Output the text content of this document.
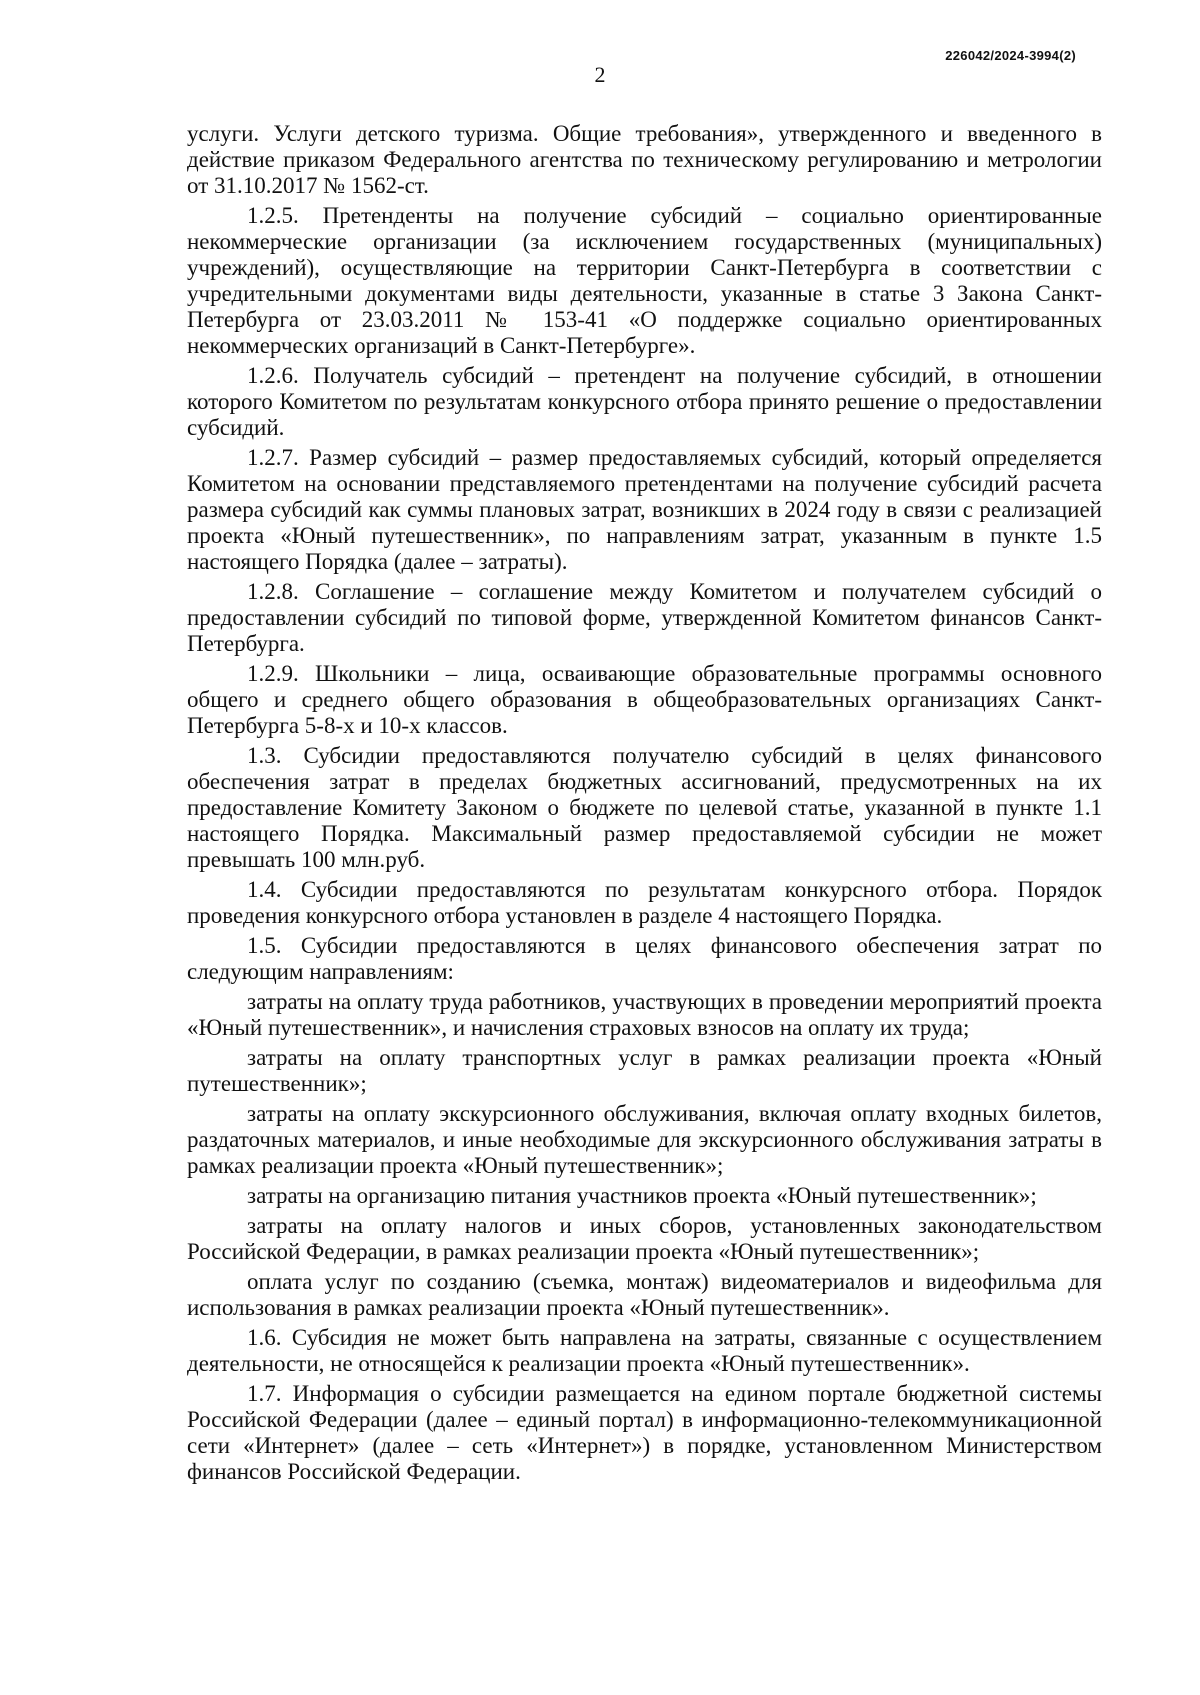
226042/2024-3994(2)
2

услуги. Услуги детского туризма. Общие требования», утвержденного и введенного в действие приказом Федерального агентства по техническому регулированию и метрологии от 31.10.2017 № 1562-ст.

1.2.5. Претенденты на получение субсидий – социально ориентированные некоммерческие организации (за исключением государственных (муниципальных) учреждений), осуществляющие на территории Санкт-Петербурга в соответствии с учредительными документами виды деятельности, указанные в статье 3 Закона Санкт-Петербурга от 23.03.2011 № 153-41 «О поддержке социально ориентированных некоммерческих организаций в Санкт-Петербурге».

1.2.6. Получатель субсидий – претендент на получение субсидий, в отношении которого Комитетом по результатам конкурсного отбора принято решение о предоставлении субсидий.

1.2.7. Размер субсидий – размер предоставляемых субсидий, который определяется Комитетом на основании представляемого претендентами на получение субсидий расчета размера субсидий как суммы плановых затрат, возникших в 2024 году в связи с реализацией проекта «Юный путешественник», по направлениям затрат, указанным в пункте 1.5 настоящего Порядка (далее – затраты).

1.2.8. Соглашение – соглашение между Комитетом и получателем субсидий о предоставлении субсидий по типовой форме, утвержденной Комитетом финансов Санкт-Петербурга.

1.2.9. Школьники – лица, осваивающие образовательные программы основного общего и среднего общего образования в общеобразовательных организациях Санкт-Петербурга 5-8-х и 10-х классов.

1.3. Субсидии предоставляются получателю субсидий в целях финансового обеспечения затрат в пределах бюджетных ассигнований, предусмотренных на их предоставление Комитету Законом о бюджете по целевой статье, указанной в пункте 1.1 настоящего Порядка. Максимальный размер предоставляемой субсидии не может превышать 100 млн.руб.

1.4. Субсидии предоставляются по результатам конкурсного отбора. Порядок проведения конкурсного отбора установлен в разделе 4 настоящего Порядка.

1.5. Субсидии предоставляются в целях финансового обеспечения затрат по следующим направлениям:

затраты на оплату труда работников, участвующих в проведении мероприятий проекта «Юный путешественник», и начисления страховых взносов на оплату их труда;

затраты на оплату транспортных услуг в рамках реализации проекта «Юный путешественник»;

затраты на оплату экскурсионного обслуживания, включая оплату входных билетов, раздаточных материалов, и иные необходимые для экскурсионного обслуживания затраты в рамках реализации проекта «Юный путешественник»;

затраты на организацию питания участников проекта «Юный путешественник»;

затраты на оплату налогов и иных сборов, установленных законодательством Российской Федерации, в рамках реализации проекта «Юный путешественник»;

оплата услуг по созданию (съемка, монтаж) видеоматериалов и видеофильма для использования в рамках реализации проекта «Юный путешественник».

1.6. Субсидия не может быть направлена на затраты, связанные с осуществлением деятельности, не относящейся к реализации проекта «Юный путешественник».

1.7. Информация о субсидии размещается на едином портале бюджетной системы Российской Федерации (далее – единый портал) в информационно-телекоммуникационной сети «Интернет» (далее – сеть «Интернет») в порядке, установленном Министерством финансов Российской Федерации.
